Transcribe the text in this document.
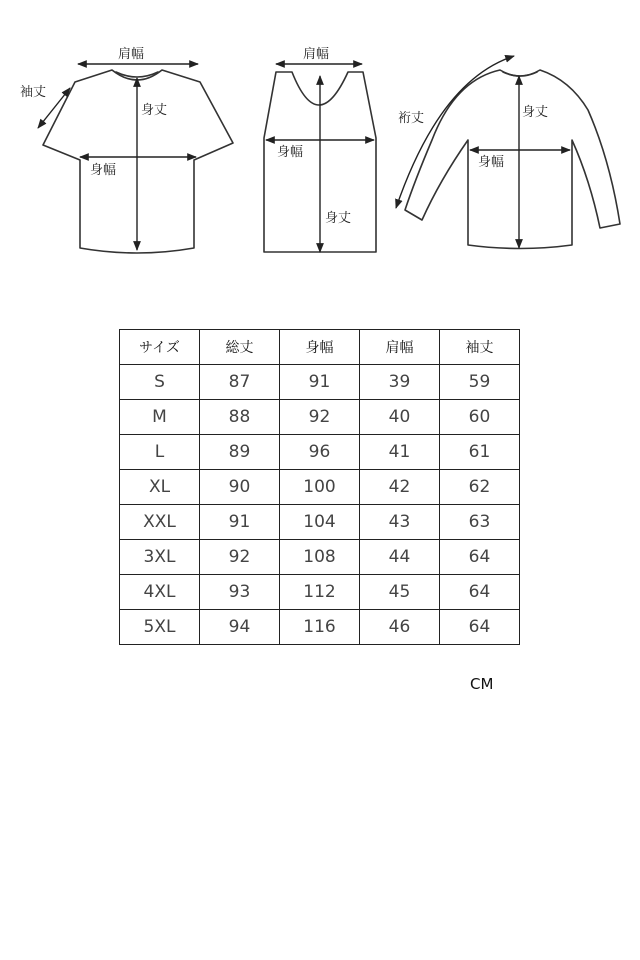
肩幅
袖丈
身丈
身幅
肩幅
身幅
身丈
裄丈	身丈
身幅
サイズ	総丈	身幅	肩幅	袖丈
S	87	91	39	59
M	88	92	40	60
L	89	96	41	61
XL	90	100	42	62
XXL	91	104	43	63
3XL	92	108	44	64
4XL	93	112	45	64
5XL	94	116	46	64
CM
